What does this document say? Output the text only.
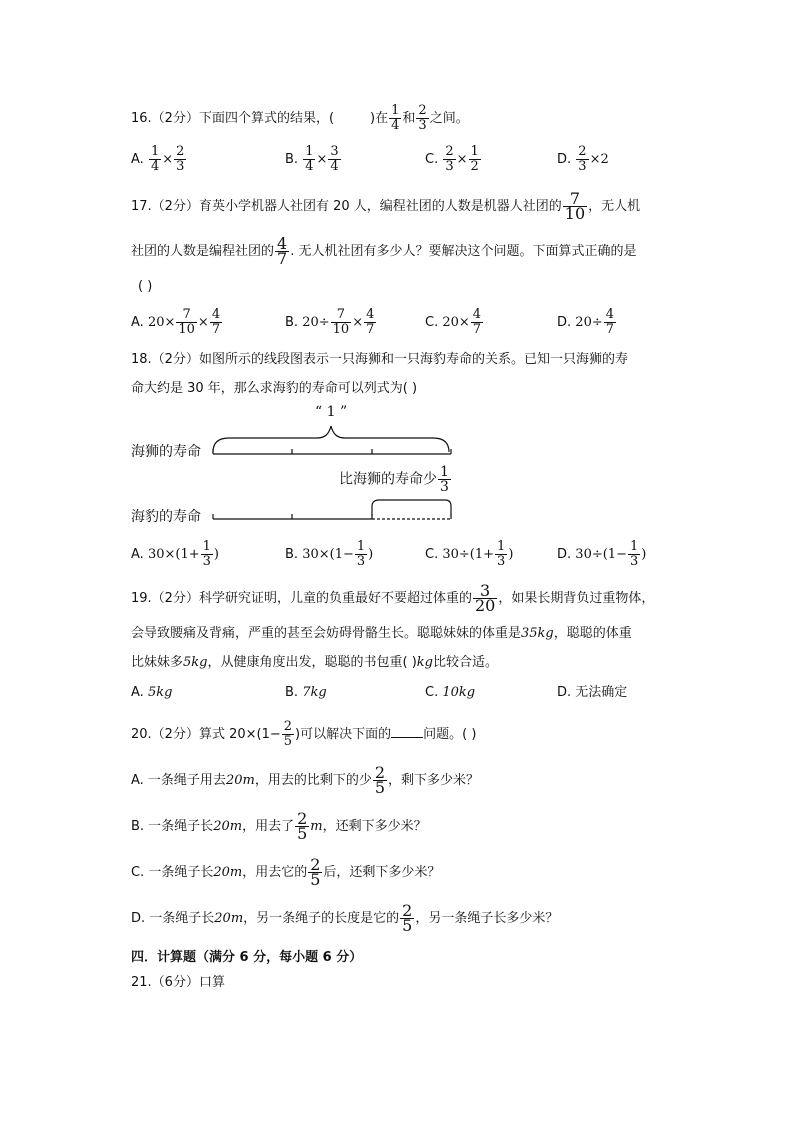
16.（2分）下面四个算式的结果，(	)在 $\frac{1}{4}$ 和 $\frac{2}{3}$ 之间。
A. $\frac{1}{4} \times \frac{2}{3}$	B. $\frac{1}{4} \times \frac{3}{4}$	C. $\frac{2}{3} \times \frac{1}{2}$	D. $\frac{2}{3} \times 2$
17.（2分）育英小学机器人社团有 20 人，编程社团的人数是机器人社团的 $\frac{7}{10}$ ，无人机
社团的人数是编程社团的 $\frac{4}{7}$ . 无人机社团有多少人？要解决这个问题。下面算式正确的是
( )
A. $20\times \frac{7}{10} \times \frac{4}{7}$	B. $20\div \frac{7}{10} \times \frac{4}{7}$	C. $20\times \frac{4}{7}$	D. $20\div \frac{4}{7}$
18.（2分）如图所示的线段图表示一只海狮和一只海豹寿命的关系。已知一只海狮的寿
命大约是 30 年，那么求海豹的寿命可以列式为( )
“ 1 ”
海狮的寿命
比海狮的寿命少 $\frac{1}{3}$
海豹的寿命
A. $30\times(1+ \frac{1}{3}$ )	B. $30\times(1- \frac{1}{3}$ )	C. $30\div(1+ \frac{1}{3}$ )	D. $30\div(1- \frac{1}{3}$ )
19.（2分）科学研究证明，儿童的负重最好不要超过体重的 $\frac{3}{20}$ ，如果长期背负过重物体，
会导致腰痛及背痛，严重的甚至会妨碍骨骼生长。聪聪妹妹的体重是35kg，聪聪的体重
比妹妹多5kg，从健康角度出发，聪聪的书包重( )kg比较合适。
A. 5kg	B. 7kg	C. 10kg	D. 无法确定
20.（2分）算式 $20\times(1- \frac{2}{5}$ )可以解决下面的 问题。( )
A. 一条绳子用去20m，用去的比剩下的少 $\frac{2}{5}$ ，剩下多少米？
B. 一条绳子长20m，用去了 $\frac{2}{5}$ m，还剩下多少米？
C. 一条绳子长20m，用去它的 $\frac{2}{5}$ 后，还剩下多少米？
D. 一条绳子长20m，另一条绳子的长度是它的 $\frac{2}{5}$ ，另一条绳子长多少米？
四．计算题（满分 6 分，每小题 6 分）
21.（6分）口算
